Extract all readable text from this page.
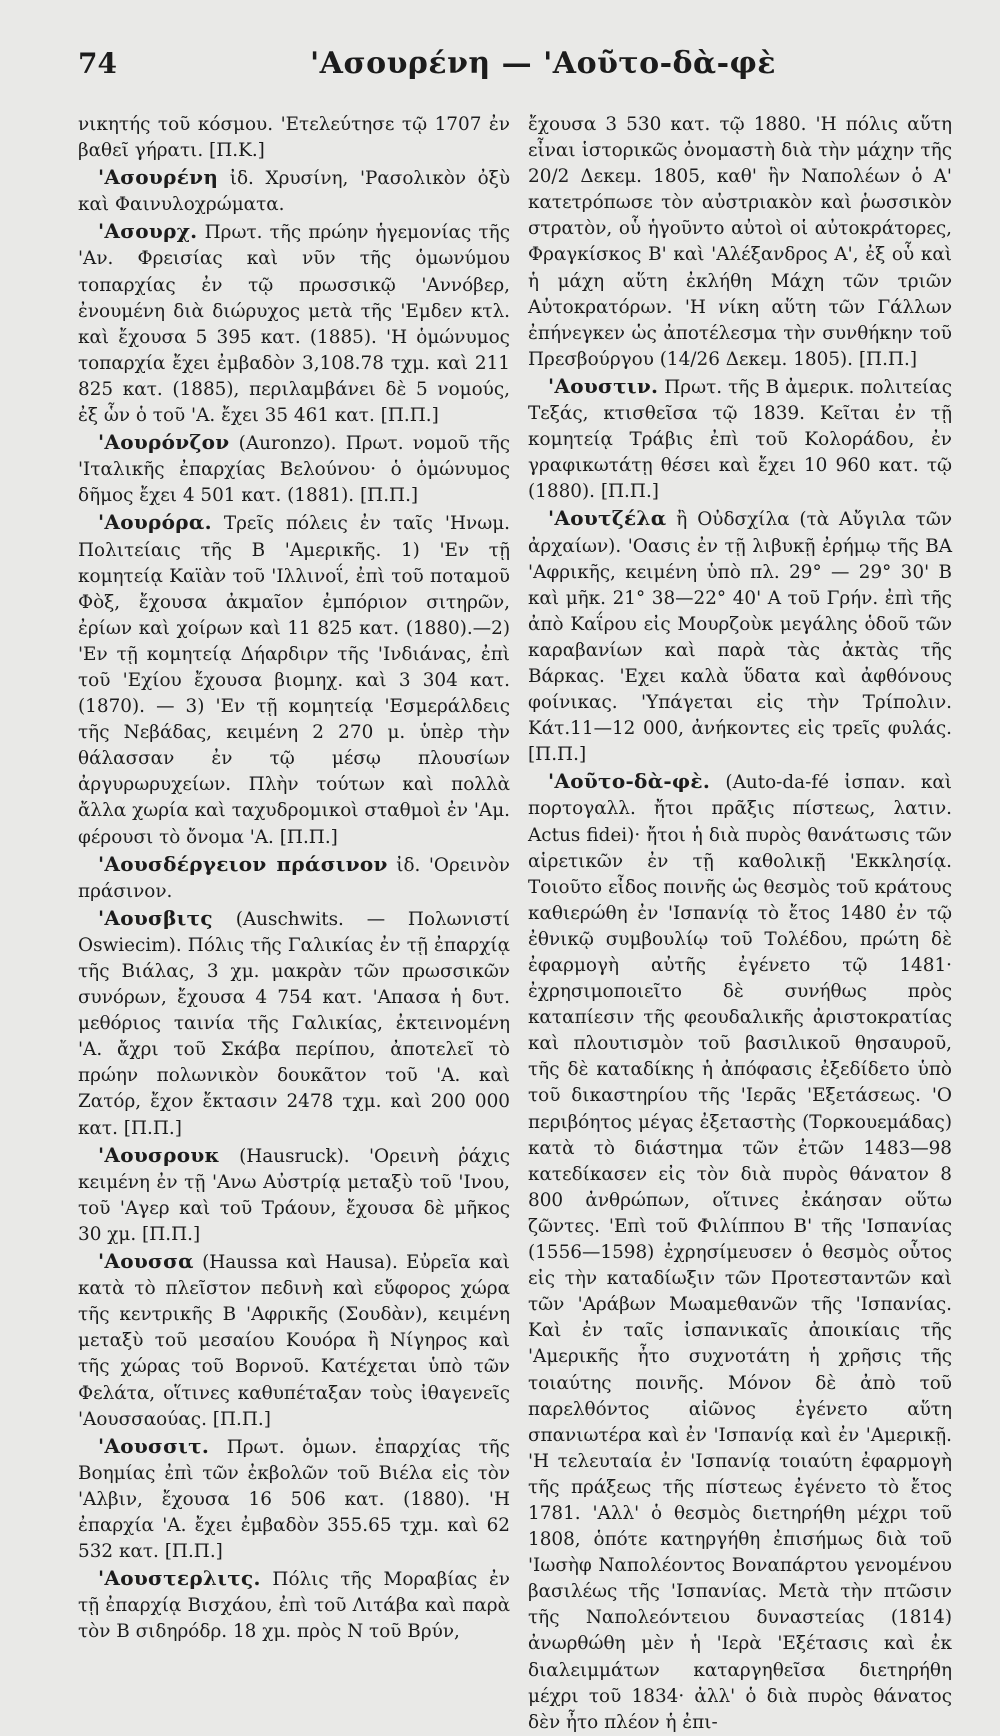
74	'Ασουρένη — 'Αοῦτο-δὰ-φὲ

νικητής τοῦ κόσμου. 'Ετελεύτησε τῷ 1707 ἐν βαθεῖ γήρατι. [Π.Κ.]

'Ασουρένη ἰδ. Χρυσίνη, 'Ρασολικὸν ὀξὺ καὶ Φαινυλοχρώματα.

'Ασουρχ. Πρωτ. τῆς πρώην ἡγεμονίας τῆς 'Αν. Φρεισίας καὶ νῦν τῆς ὁμωνύμου τοπαρχίας ἐν τῷ πρωσσικῷ 'Αννόβερ, ἐνουμένη διὰ διώρυχος μετὰ τῆς 'Εμδεν κτλ. καὶ ἔχουσα 5 395 κατ. (1885). 'Η ὁμώνυμος τοπαρχία ἔχει ἐμβαδὸν 3,108.78 τχμ. καὶ 211 825 κατ. (1885), περιλαμβάνει δὲ 5 νομούς, ἐξ ὧν ὁ τοῦ 'Α. ἔχει 35 461 κατ. [Π.Π.]

'Αουρόνζον (Auronzo). Πρωτ. νομοῦ τῆς 'Ιταλικῆς ἐπαρχίας Βελούνου· ὁ ὁμώνυμος δῆμος ἔχει 4 501 κατ. (1881). [Π.Π.]

'Αουρόρα. Τρεῖς πόλεις ἐν ταῖς 'Ηνωμ. Πολιτείαις τῆς Β 'Αμερικῆς. 1) 'Εν τῇ κομητείᾳ Καϊὰν τοῦ 'Ιλλινοΐ, ἐπὶ τοῦ ποταμοῦ Φὸξ, ἔχουσα ἀκμαῖον ἐμπόριον σιτηρῶν, ἐρίων καὶ χοίρων καὶ 11 825 κατ. (1880).—2) 'Εν τῇ κομητείᾳ Δήαρδιρν τῆς 'Ινδιάνας, ἐπὶ τοῦ 'Εχίου ἔχουσα βιομηχ. καὶ 3 304 κατ. (1870). — 3) 'Εν τῇ κομητείᾳ 'Εσμεράλδεις τῆς Νεβάδας, κειμένη 2 270 μ. ὑπὲρ τὴν θάλασσαν ἐν τῷ μέσῳ πλουσίων ἀργυρωρυχείων. Πλὴν τούτων καὶ πολλὰ ἄλλα χωρία καὶ ταχυδρομικοὶ σταθμοὶ ἐν 'Αμ. φέρουσι τὸ ὄνομα 'Α. [Π.Π.]

'Αουσδέργειον πράσινον ἰδ. 'Ορεινὸν πράσινον.

'Αουσβιτς (Auschwits. — Πολωνιστί Oswiecim). Πόλις τῆς Γαλικίας ἐν τῇ ἐπαρχίᾳ τῆς Βιάλας, 3 χμ. μακρὰν τῶν πρωσσικῶν συνόρων, ἔχουσα 4 754 κατ. 'Απασα ἡ δυτ. μεθόριος ταινία τῆς Γαλικίας, ἐκτεινομένη 'Α. ἄχρι τοῦ Σκάβα περίπου, ἀποτελεῖ τὸ πρώην πολωνικὸν δουκᾶτον τοῦ 'Α. καὶ Ζατόρ, ἔχον ἔκτασιν 2478 τχμ. καὶ 200 000 κατ. [Π.Π.]

'Αουσρουκ (Hausruck). 'Ορεινὴ ῥάχις κειμένη ἐν τῇ 'Ανω Αὐστρίᾳ μεταξὺ τοῦ 'Ινου, τοῦ 'Αγερ καὶ τοῦ Τράουν, ἔχουσα δὲ μῆκος 30 χμ. [Π.Π.]

'Αουσσα (Haussa καὶ Hausa). Εὐρεῖα καὶ κατὰ τὸ πλεῖστον πεδινὴ καὶ εὔφορος χώρα τῆς κεντρικῆς Β 'Αφρικῆς (Σουδὰν), κειμένη μεταξὺ τοῦ μεσαίου Κουόρα ἢ Νίγηρος καὶ τῆς χώρας τοῦ Βορνοῦ. Κατέχεται ὑπὸ τῶν Φελάτα, οἵτινες καθυπέταξαν τοὺς ἰθαγενεῖς 'Αουσσαούας. [Π.Π.]

'Αουσσιτ. Πρωτ. ὁμων. ἐπαρχίας τῆς Βοημίας ἐπὶ τῶν ἐκβολῶν τοῦ Βιέλα εἰς τὸν 'Αλβιν, ἔχουσα 16 506 κατ. (1880). 'Η ἐπαρχία 'Α. ἔχει ἐμβαδὸν 355.65 τχμ. καὶ 62 532 κατ. [Π.Π.]

'Αουστερλιτς. Πόλις τῆς Μοραβίας ἐν τῇ ἐπαρχίᾳ Βισχάου, ἐπὶ τοῦ Λιτάβα καὶ παρὰ τὸν Β σιδηρόδρ. 18 χμ. πρὸς Ν τοῦ Βρύν,

ἔχουσα 3 530 κατ. τῷ 1880. 'Η πόλις αὕτη εἶναι ἱστορικῶς ὀνομαστὴ διὰ τὴν μάχην τῆς 20/2 Δεκεμ. 1805, καθ' ἣν Ναπολέων ὁ Α' κατετρόπωσε τὸν αὐστριακὸν καὶ ῥωσσικὸν στρατὸν, οὗ ἡγοῦντο αὐτοὶ οἱ αὐτοκράτορες, Φραγκίσκος Β' καὶ 'Αλέξανδρος Α', ἐξ οὗ καὶ ἡ μάχη αὕτη ἐκλήθη Μάχη τῶν τριῶν Αὐτοκρατόρων. 'Η νίκη αὕτη τῶν Γάλλων ἐπήνεγκεν ὡς ἀποτέλεσμα τὴν συνθήκην τοῦ Πρεσβούργου (14/26 Δεκεμ. 1805). [Π.Π.]

'Αουστιν. Πρωτ. τῆς Β ἀμερικ. πολιτείας Τεξάς, κτισθεῖσα τῷ 1839. Κεῖται ἐν τῇ κομητείᾳ Τράβις ἐπὶ τοῦ Κολοράδου, ἐν γραφικωτάτῃ θέσει καὶ ἔχει 10 960 κατ. τῷ (1880). [Π.Π.]

'Αουτζέλα ἢ Οὐδσχίλα (τὰ Αὔγιλα τῶν ἀρχαίων). 'Οασις ἐν τῇ λιβυκῇ ἐρήμῳ τῆς ΒΑ 'Αφρικῆς, κειμένη ὑπὸ πλ. 29° — 29° 30' Β καὶ μῆκ. 21° 38—22° 40' Α τοῦ Γρήν. ἐπὶ τῆς ἀπὸ Καΐρου εἰς Μουρζοὺκ μεγάλης ὁδοῦ τῶν καραβανίων καὶ παρὰ τὰς ἀκτὰς τῆς Βάρκας. 'Εχει καλὰ ὕδατα καὶ ἀφθόνους φοίνικας. 'Υπάγεται εἰς τὴν Τρίπολιν. Κάτ.11—12 000, ἀνήκοντες εἰς τρεῖς φυλάς. [Π.Π.]

'Αοῦτο-δὰ-φὲ. (Auto-da-fé ἰσπαν. καὶ πορτογαλλ. ἤτοι πρᾶξις πίστεως, λατιν. Actus fidei)· ἤτοι ἡ διὰ πυρὸς θανάτωσις τῶν αἱρετικῶν ἐν τῇ καθολικῇ 'Εκκλησίᾳ. Τοιοῦτο εἶδος ποινῆς ὡς θεσμὸς τοῦ κράτους καθιερώθη ἐν 'Ισπανίᾳ τὸ ἔτος 1480 ἐν τῷ ἐθνικῷ συμβουλίῳ τοῦ Τολέδου, πρώτη δὲ ἐφαρμογὴ αὐτῆς ἐγένετο τῷ 1481· ἐχρησιμοποιεῖτο δὲ συνήθως πρὸς καταπίεσιν τῆς φεουδαλικῆς ἀριστοκρατίας καὶ πλουτισμὸν τοῦ βασιλικοῦ θησαυροῦ, τῆς δὲ καταδίκης ἡ ἀπόφασις ἐξεδίδετο ὑπὸ τοῦ δικαστηρίου τῆς 'Ιερᾶς 'Εξετάσεως. 'Ο περιβόητος μέγας ἐξεταστὴς (Τορκουεμάδας) κατὰ τὸ διάστημα τῶν ἐτῶν 1483—98 κατεδίκασεν εἰς τὸν διὰ πυρὸς θάνατον 8 800 ἀνθρώπων, οἵτινες ἐκάησαν οὕτω ζῶντες. 'Επὶ τοῦ Φιλίππου Β' τῆς 'Ισπανίας (1556—1598) ἐχρησίμευσεν ὁ θεσμὸς οὗτος εἰς τὴν καταδίωξιν τῶν Προτεσταντῶν καὶ τῶν 'Αράβων Μωαμεθανῶν τῆς 'Ισπανίας. Καὶ ἐν ταῖς ἰσπανικαῖς ἀποικίαις τῆς 'Αμερικῆς ἦτο συχνοτάτη ἡ χρῆσις τῆς τοιαύτης ποινῆς. Μόνον δὲ ἀπὸ τοῦ παρελθόντος αἰῶνος ἐγένετο αὕτη σπανιωτέρα καὶ ἐν 'Ισπανίᾳ καὶ ἐν 'Αμερικῇ. 'Η τελευταία ἐν 'Ισπανίᾳ τοιαύτη ἐφαρμογὴ τῆς πράξεως τῆς πίστεως ἐγένετο τὸ ἔτος 1781. 'Αλλ' ὁ θεσμὸς διετηρήθη μέχρι τοῦ 1808, ὁπότε κατηργήθη ἐπισήμως διὰ τοῦ 'Ιωσὴφ Ναπολέοντος Βοναπάρτου γενομένου βασιλέως τῆς 'Ισπανίας. Μετὰ τὴν πτῶσιν τῆς Ναπολεόντειου δυναστείας (1814) ἀνωρθώθη μὲν ἡ 'Ιερὰ 'Εξέτασις καὶ ἐκ διαλειμμάτων καταργηθεῖσα διετηρήθη μέχρι τοῦ 1834· ἀλλ' ὁ διὰ πυρὸς θάνατος δὲν ἦτο πλέον ἡ ἐπι-
